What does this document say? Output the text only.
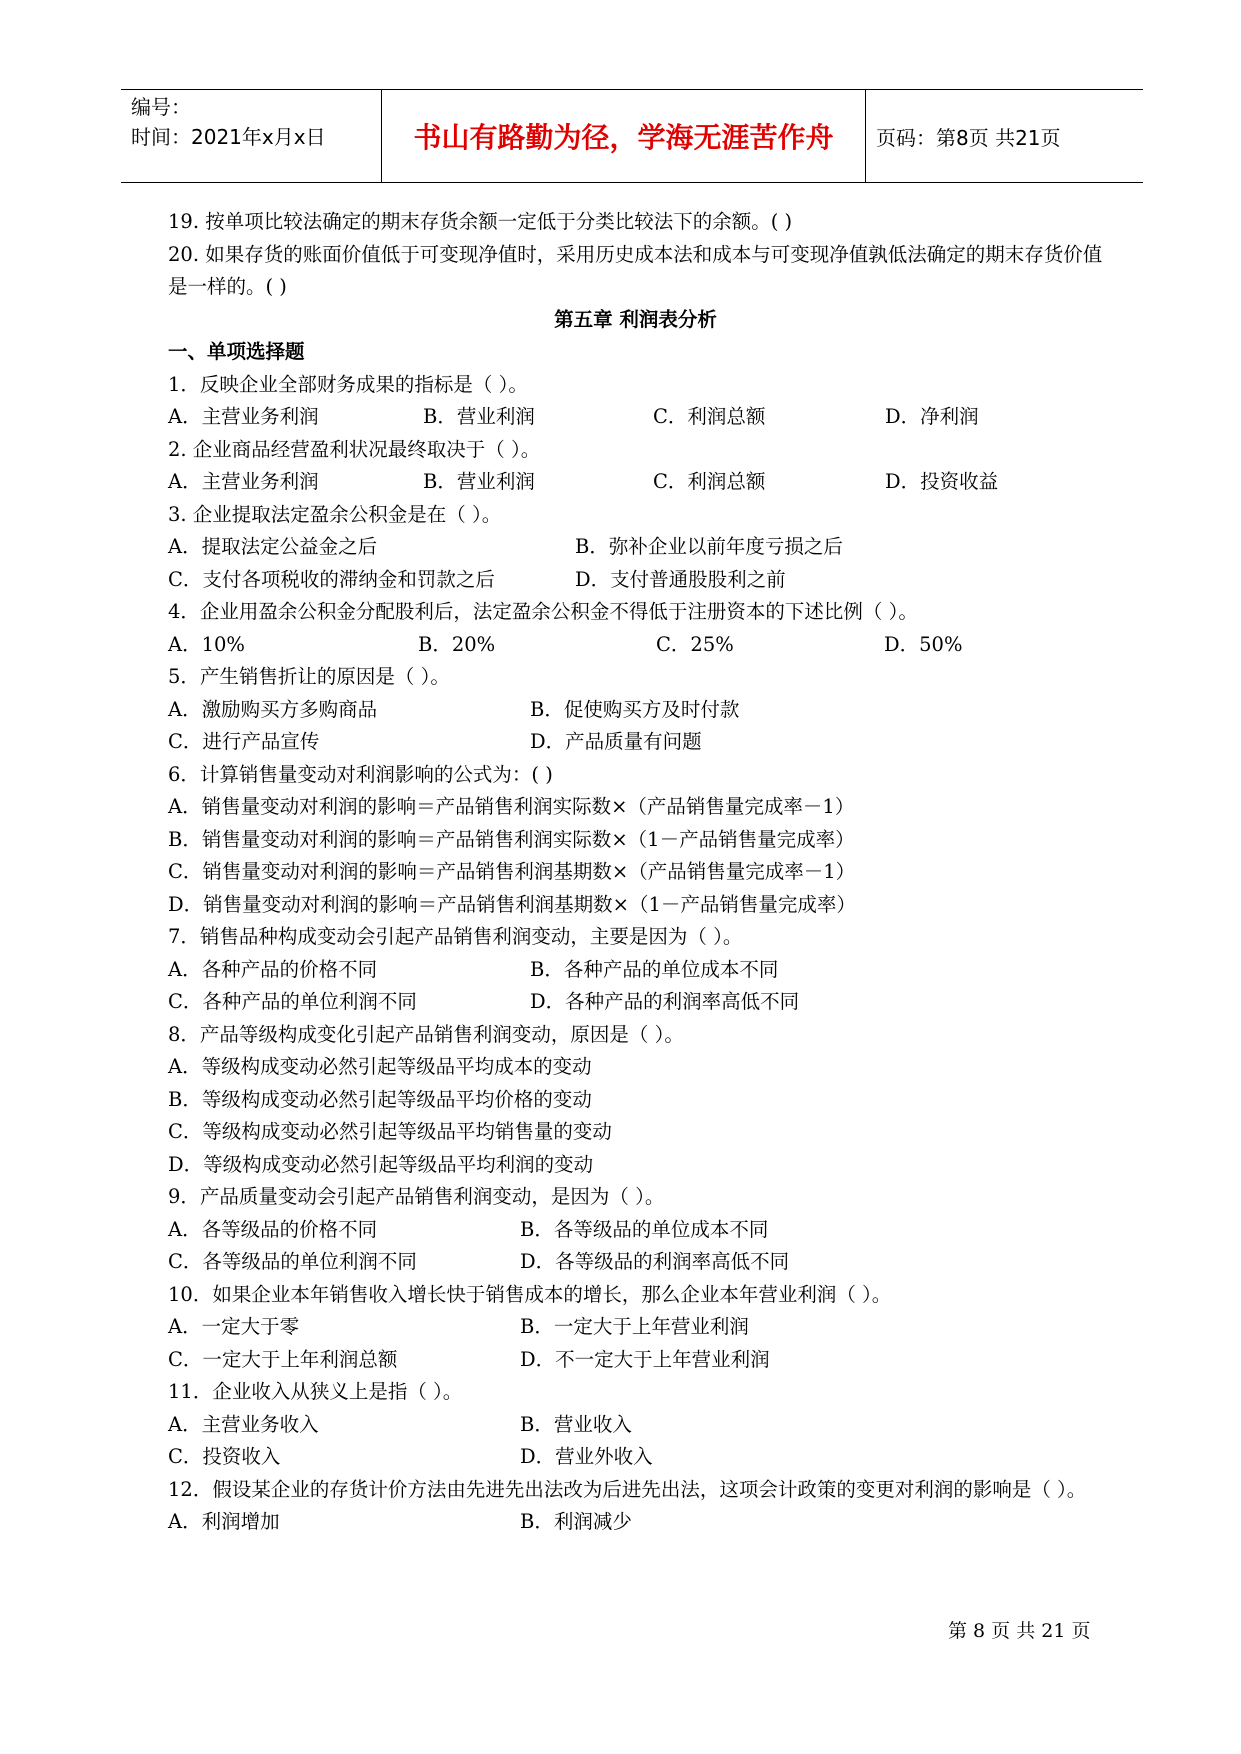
编号：
时间：2021年x月x日	书山有路勤为径，学海无涯苦作舟	页码：第8页 共21页
19. 按单项比较法确定的期末存货余额一定低于分类比较法下的余额。( )
20. 如果存货的账面价值低于可变现净值时，采用历史成本法和成本与可变现净值孰低法确定的期末存货价值是一样的。( )
第五章 利润表分析
一、单项选择题
1．反映企业全部财务成果的指标是（ ）。
A．主营业务利润	B．营业利润	C．利润总额	D．净利润
2. 企业商品经营盈利状况最终取决于（ ）。
A．主营业务利润	B．营业利润	C．利润总额	D．投资收益
3. 企业提取法定盈余公积金是在（ ）。
A．提取法定公益金之后	B．弥补企业以前年度亏损之后
C．支付各项税收的滞纳金和罚款之后	D．支付普通股股利之前
4．企业用盈余公积金分配股利后，法定盈余公积金不得低于注册资本的下述比例（ ）。
A．10%	B．20%	C．25%	D．50%
5．产生销售折让的原因是（ ）。
A．激励购买方多购商品	B．促使购买方及时付款
C．进行产品宣传	D．产品质量有问题
6．计算销售量变动对利润影响的公式为：( )
A．销售量变动对利润的影响＝产品销售利润实际数×（产品销售量完成率－1）
B．销售量变动对利润的影响＝产品销售利润实际数×（1－产品销售量完成率）
C．销售量变动对利润的影响＝产品销售利润基期数×（产品销售量完成率－1）
D．销售量变动对利润的影响＝产品销售利润基期数×（1－产品销售量完成率）
7．销售品种构成变动会引起产品销售利润变动，主要是因为（ ）。
A．各种产品的价格不同	B．各种产品的单位成本不同
C．各种产品的单位利润不同	D．各种产品的利润率高低不同
8．产品等级构成变化引起产品销售利润变动，原因是（ ）。
A．等级构成变动必然引起等级品平均成本的变动
B．等级构成变动必然引起等级品平均价格的变动
C．等级构成变动必然引起等级品平均销售量的变动
D．等级构成变动必然引起等级品平均利润的变动
9．产品质量变动会引起产品销售利润变动，是因为（ ）。
A．各等级品的价格不同	B．各等级品的单位成本不同
C．各等级品的单位利润不同	D．各等级品的利润率高低不同
10．如果企业本年销售收入增长快于销售成本的增长，那么企业本年营业利润（ ）。
A．一定大于零	B．一定大于上年营业利润
C．一定大于上年利润总额	D．不一定大于上年营业利润
11．企业收入从狭义上是指（ ）。
A．主营业务收入	B．营业收入
C．投资收入	D．营业外收入
12．假设某企业的存货计价方法由先进先出法改为后进先出法，这项会计政策的变更对利润的影响是（ ）。
A．利润增加	B．利润减少
第 8 页 共 21 页
